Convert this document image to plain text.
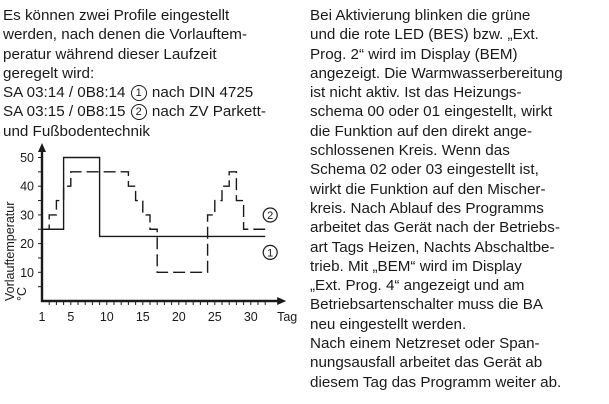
Es können zwei Profile eingestellt
werden, nach denen die Vorlauftem-
peratur während dieser Laufzeit
geregelt wird:
SA 03:14 / 0B8:14 1 nach DIN 4725
SA 03:15 / 0B8:15 2 nach ZV Parkett-
und Fußbodentechnik
Bei Aktivierung blinken die grüne
und die rote LED (BES) bzw. „Ext.
Prog. 2“ wird im Display (BEM)
angezeigt. Die Warmwasserbereitung
ist nicht aktiv. Ist das Heizungs-
schema 00 oder 01 eingestellt, wirkt
die Funktion auf den direkt ange-
schlossenen Kreis. Wenn das
Schema 02 oder 03 eingestellt ist,
wirkt die Funktion auf den Mischer-
kreis. Nach Ablauf des Programms
arbeitet das Gerät nach der Betriebs-
art Tags Heizen, Nachts Abschaltbe-
trieb. Mit „BEM“ wird im Display
„Ext. Prog. 4“ angezeigt und am
Betriebsartenschalter muss die BA
neu eingestellt werden.
Nach einem Netzreset oder Span-
nungsausfall arbeitet das Gerät ab
diesem Tag das Programm weiter ab.
10
20
30
40
50
1 5 10 15 20 25 30 Tag
Vorlauftemperatur
°C
2
1
